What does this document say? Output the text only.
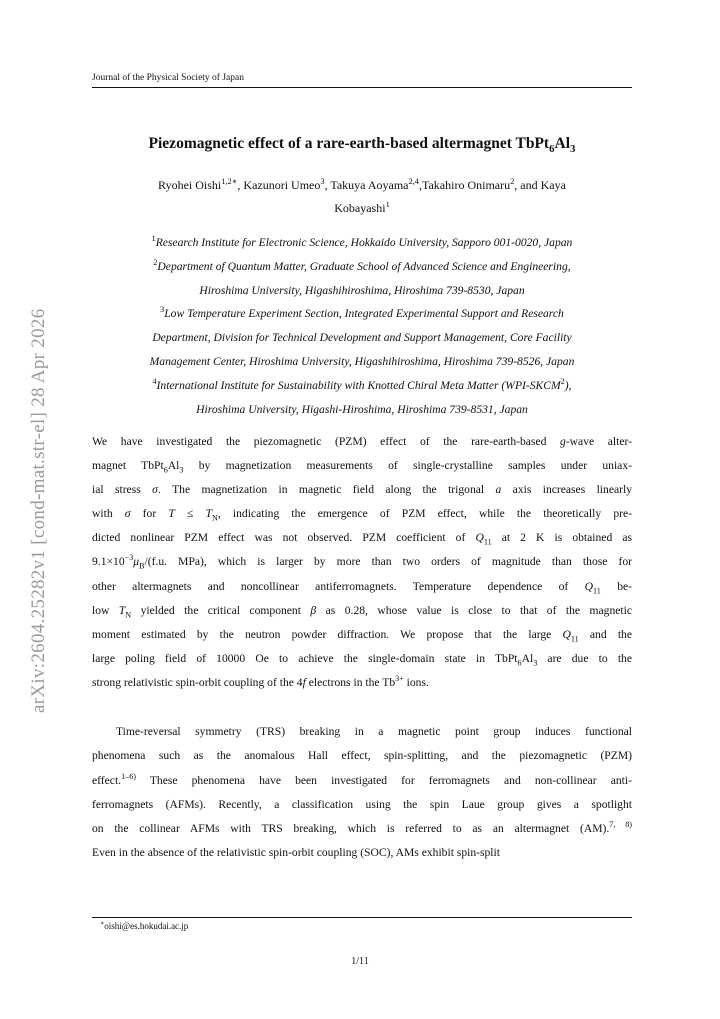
arXiv:2604.25282v1 [cond-mat.str-el] 28 Apr 2026
Journal of the Physical Society of Japan
Piezomagnetic effect of a rare-earth-based altermagnet $TbPt_6Al_3$
Ryohei Oishi$^{1,2∗}$, Kazunori Umeo$^3$, Takuya Aoyama$^{2,4}$,Takahiro Onimaru$^2$, and Kaya
Kobayashi$^1$
$^1$Research Institute for Electronic Science, Hokkaido University, Sapporo 001-0020, Japan
$^2$Department of Quantum Matter, Graduate School of Advanced Science and Engineering,
Hiroshima University, Higashihiroshima, Hiroshima 739-8530, Japan
$^3$Low Temperature Experiment Section, Integrated Experimental Support and Research
Department, Division for Technical Development and Support Management, Core Facility
Management Center, Hiroshima University, Higashihiroshima, Hiroshima 739-8526, Japan
$^4$International Institute for Sustainability with Knotted Chiral Meta Matter (WPI-SKCM$^2$),
Hiroshima University, Higashi-Hiroshima, Hiroshima 739-8531, Japan
We have investigated the piezomagnetic (PZM) effect of the rare-earth-based g-wave alter-
magnet $TbPt_6Al_3$ by magnetization measurements of single-crystalline samples under uniax-
ial stress σ. The magnetization in magnetic field along the trigonal a axis increases linearly
with σ for $T \le T_N$, indicating the emergence of PZM effect, while the theoretically pre-
dicted nonlinear PZM effect was not observed. PZM coefficient of $Q_{11}$ at 2 K is obtained as
$9.1\times 10^{-3}\mu_B/(f.u$. MPa), which is larger by more than two orders of magnitude than those for
other altermagnets and noncollinear antiferromagnets. Temperature dependence of $Q_{11}$ be-
low $T_N$ yielded the critical component β as 0.28, whose value is close to that of the magnetic
moment estimated by the neutron powder diffraction. We propose that the large $Q_{11}$ and the
large poling field of 10000 Oe to achieve the single-domain state in $TbPt_6Al_3$ are due to the
strong relativistic spin-orbit coupling of the 4f electrons in the $Tb^{3+}$ ions.
Time-reversal symmetry (TRS) breaking in a magnetic point group induces functional
phenomena such as the anomalous Hall effect, spin-splitting, and the piezomagnetic (PZM)
effect.$^{1-6)}$ These phenomena have been investigated for ferromagnets and non-collinear anti-
ferromagnets (AFMs). Recently, a classification using the spin Laue group gives a spotlight
on the collinear AFMs with TRS breaking, which is referred to as an altermagnet (AM).$^{7, 8)}$
Even in the absence of the relativistic spin-orbit coupling (SOC), AMs exhibit spin-split
∗oishi@es.hokudai.ac.jp
1/11
